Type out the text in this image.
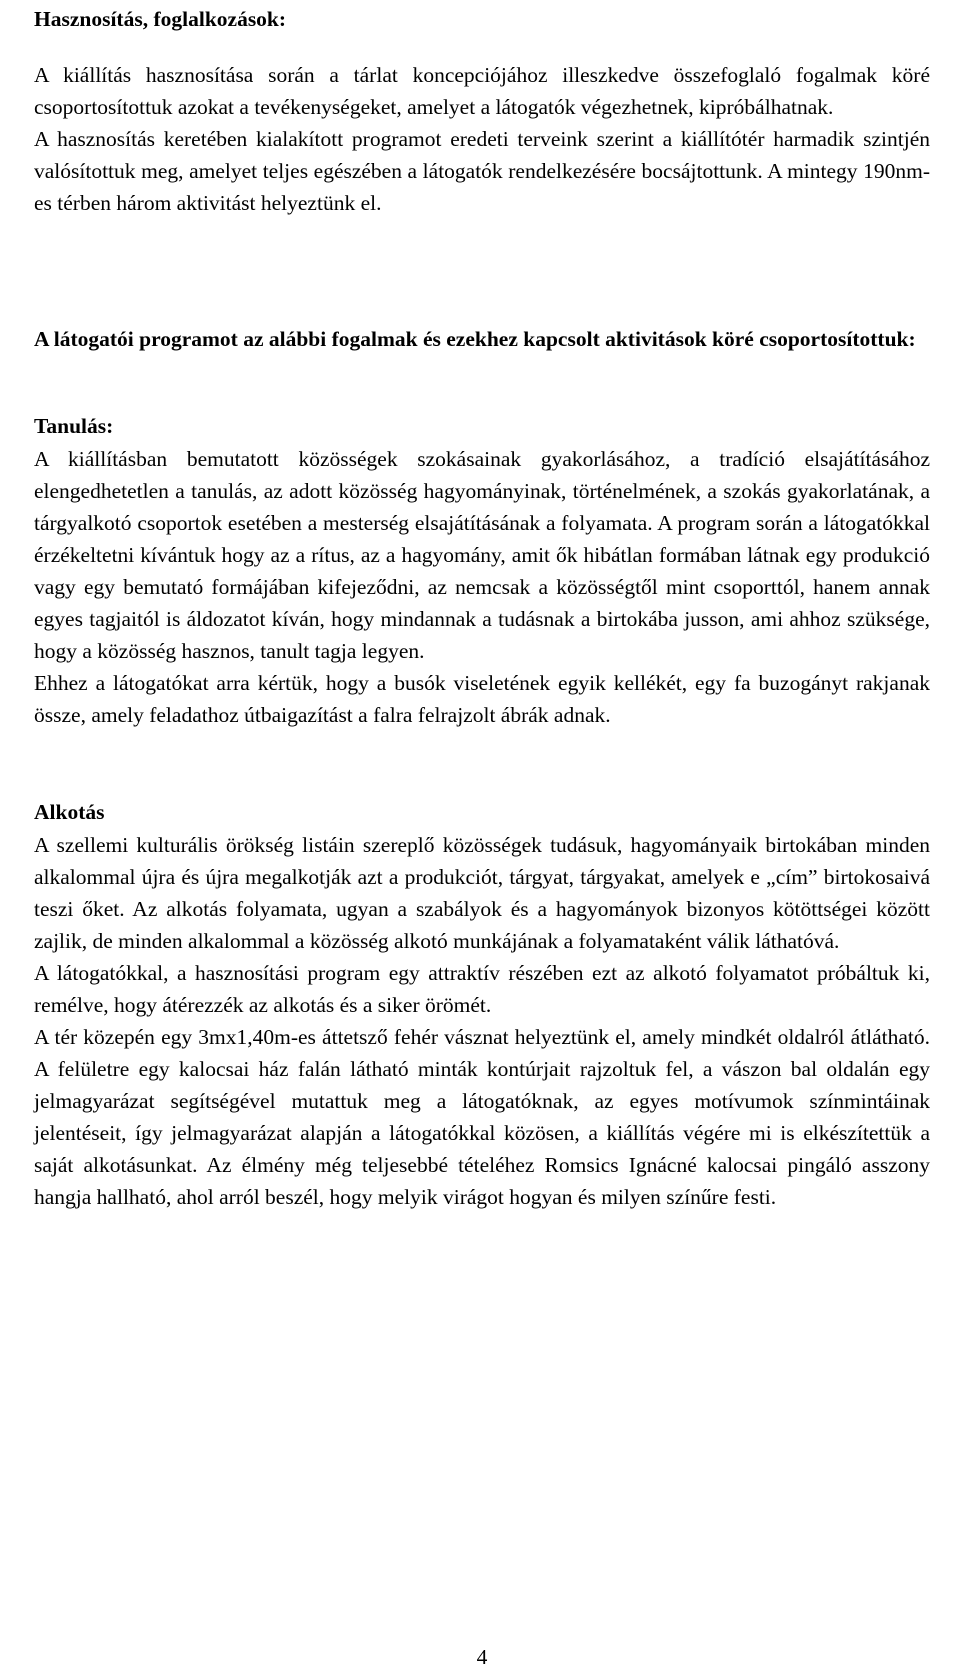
Hasznosítás, foglalkozások:

A kiállítás hasznosítása során a tárlat koncepciójához illeszkedve összefoglaló fogalmak köré csoportosítottuk azokat a tevékenységeket, amelyet a látogatók végezhetnek, kipróbálhatnak.

A hasznosítás keretében kialakított programot eredeti terveink szerint a kiállítótér harmadik szintjén valósítottuk meg, amelyet teljes egészében a látogatók rendelkezésére bocsájtottunk. A mintegy 190nm-es térben három aktivitást helyeztünk el.

A látogatói programot az alábbi fogalmak és ezekhez kapcsolt aktivitások köré csoportosítottuk:

Tanulás:

A kiállításban bemutatott közösségek szokásainak gyakorlásához, a tradíció elsajátításához elengedhetetlen a tanulás, az adott közösség hagyományinak, történelmének, a szokás gyakorlatának, a tárgyalkotó csoportok esetében a mesterség elsajátításának a folyamata. A program során a látogatókkal érzékeltetni kívántuk hogy az a rítus, az a hagyomány, amit ők hibátlan formában látnak egy produkció vagy egy bemutató formájában kifejeződni, az nemcsak a közösségtől mint csoporttól, hanem annak egyes tagjaitól is áldozatot kíván, hogy mindannak a tudásnak a birtokába jusson, ami ahhoz szüksége, hogy a közösség hasznos, tanult tagja legyen.

Ehhez a látogatókat arra kértük, hogy a busók viseletének egyik kellékét, egy fa buzogányt rakjanak össze, amely feladathoz útbaigazítást a falra felrajzolt ábrák adnak.

Alkotás

A szellemi kulturális örökség listáin szereplő közösségek tudásuk, hagyományaik birtokában minden alkalommal újra és újra megalkotják azt a produkciót, tárgyat, tárgyakat, amelyek e „cím” birtokosaivá teszi őket. Az alkotás folyamata, ugyan a szabályok és a hagyományok bizonyos kötöttségei között zajlik, de minden alkalommal a közösség alkotó munkájának a folyamataként válik láthatóvá.

A látogatókkal, a hasznosítási program egy attraktív részében ezt az alkotó folyamatot próbáltuk ki, remélve, hogy átérezzék az alkotás és a siker örömét.

A tér közepén egy 3mx1,40m-es áttetsző fehér vásznat helyeztünk el, amely mindkét oldalról átlátható. A felületre egy kalocsai ház falán látható minták kontúrjait rajzoltuk fel, a vászon bal oldalán egy jelmagyarázat segítségével mutattuk meg a látogatóknak, az egyes motívumok színmintáinak jelentéseit, így jelmagyarázat alapján a látogatókkal közösen, a kiállítás végére mi is elkészítettük a saját alkotásunkat. Az élmény még teljesebbé tételéhez Romsics Ignácné kalocsai pingáló asszony hangja hallható, ahol arról beszél, hogy melyik virágot hogyan és milyen színűre festi.

4
